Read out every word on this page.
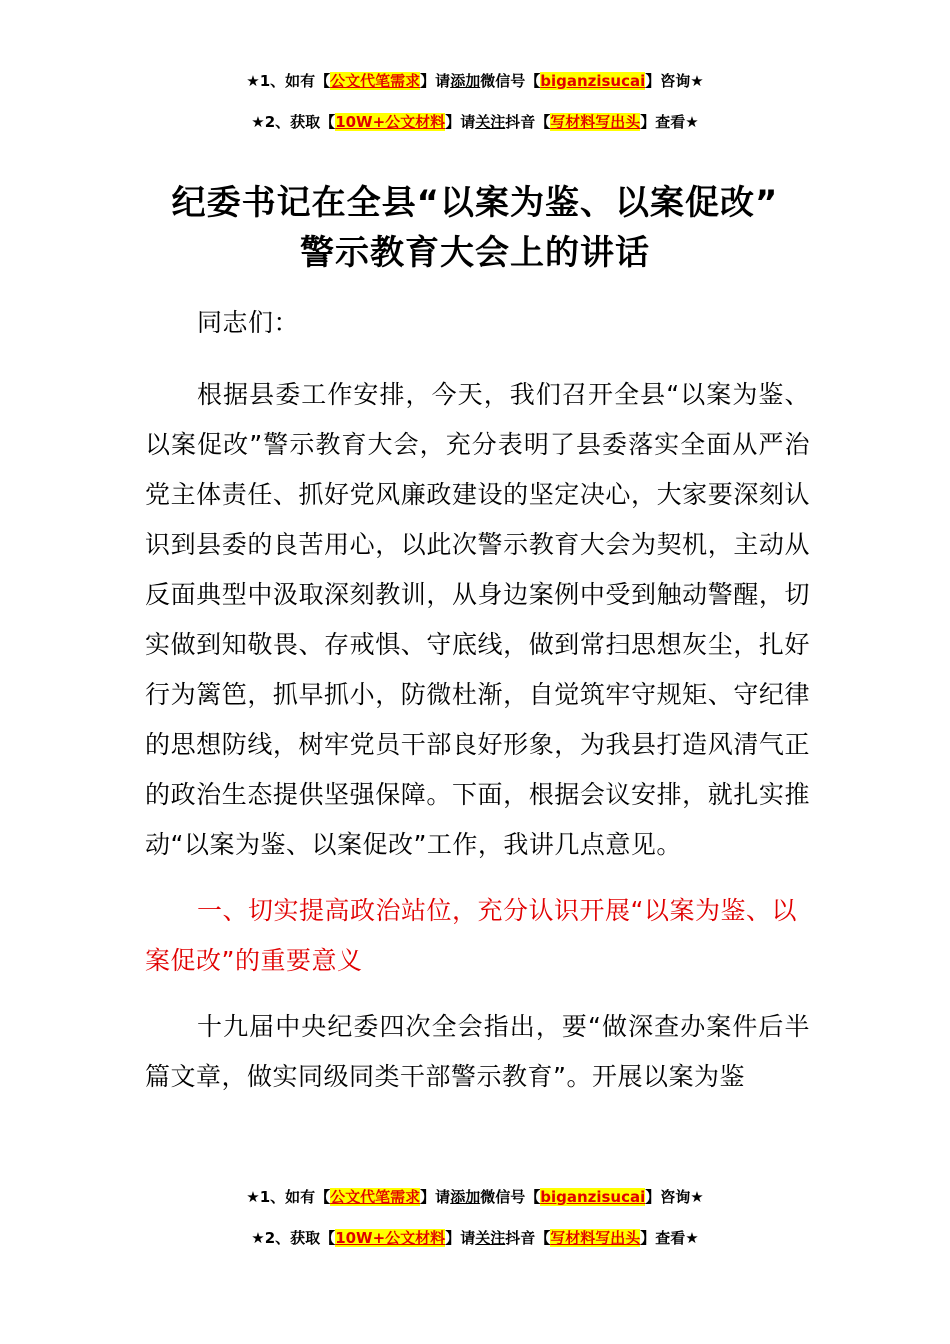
★1、如有【公文代笔需求】请添加微信号【biganzisucai】咨询★
★2、获取【10W+公文材料】请关注抖音【写材料写出头】查看★
纪委书记在全县“以案为鉴、以案促改”
警示教育大会上的讲话

同志们：

根据县委工作安排，今天，我们召开全县“以案为鉴、以案促改”警示教育大会，充分表明了县委落实全面从严治党主体责任、抓好党风廉政建设的坚定决心，大家要深刻认识到县委的良苦用心，以此次警示教育大会为契机，主动从反面典型中汲取深刻教训，从身边案例中受到触动警醒，切实做到知敬畏、存戒惧、守底线，做到常扫思想灰尘，扎好行为篱笆，抓早抓小，防微杜渐，自觉筑牢守规矩、守纪律的思想防线，树牢党员干部良好形象，为我县打造风清气正的政治生态提供坚强保障。下面，根据会议安排，就扎实推动“以案为鉴、以案促改”工作，我讲几点意见。

一、切实提高政治站位，充分认识开展“以案为鉴、以案促改”的重要意义

十九届中央纪委四次全会指出，要“做深查办案件后半篇文章，做实同级同类干部警示教育”。开展以案为鉴

★1、如有【公文代笔需求】请添加微信号【biganzisucai】咨询★
★2、获取【10W+公文材料】请关注抖音【写材料写出头】查看★
